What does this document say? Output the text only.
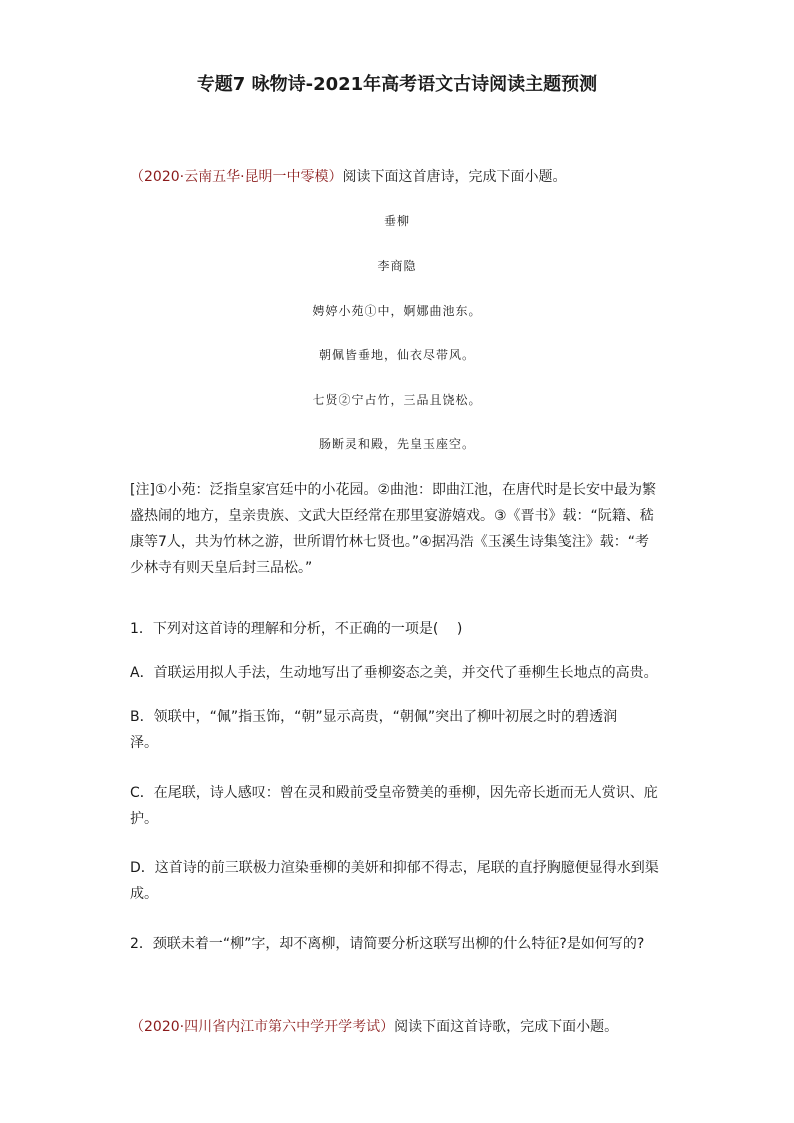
专题7 咏物诗-2021年高考语文古诗阅读主题预测
（2020·云南五华·昆明一中零模）阅读下面这首唐诗，完成下面小题。
垂柳
李商隐
娉婷小苑①中，婀娜曲池东。
朝佩皆垂地，仙衣尽带风。
七贤②宁占竹，三品且饶松。
肠断灵和殿，先皇玉座空。
[注]①小苑：泛指皇家宫廷中的小花园。②曲池：即曲江池，在唐代时是长安中最为繁
盛热闹的地方，皇亲贵族、文武大臣经常在那里宴游嬉戏。③《晋书》载：“阮籍、嵇
康等7人，共为竹林之游，世所谓竹林七贤也。”④据冯浩《玉溪生诗集笺注》载：“考
少林寺有则天皇后封三品松。”
1．下列对这首诗的理解和分析，不正确的一项是(　 )
A．首联运用拟人手法，生动地写出了垂柳姿态之美，并交代了垂柳生长地点的高贵。
B．领联中，“佩”指玉饰，“朝”显示高贵，“朝佩”突出了柳叶初展之时的碧透润
泽。
C．在尾联，诗人感叹：曾在灵和殿前受皇帝赞美的垂柳，因先帝长逝而无人赏识、庇
护。
D．这首诗的前三联极力渲染垂柳的美妍和抑郁不得志，尾联的直抒胸臆便显得水到渠
成。
2．颈联未着一“柳”字，却不离柳，请简要分析这联写出柳的什么特征?是如何写的?
（2020·四川省内江市第六中学开学考试）阅读下面这首诗歌，完成下面小题。
